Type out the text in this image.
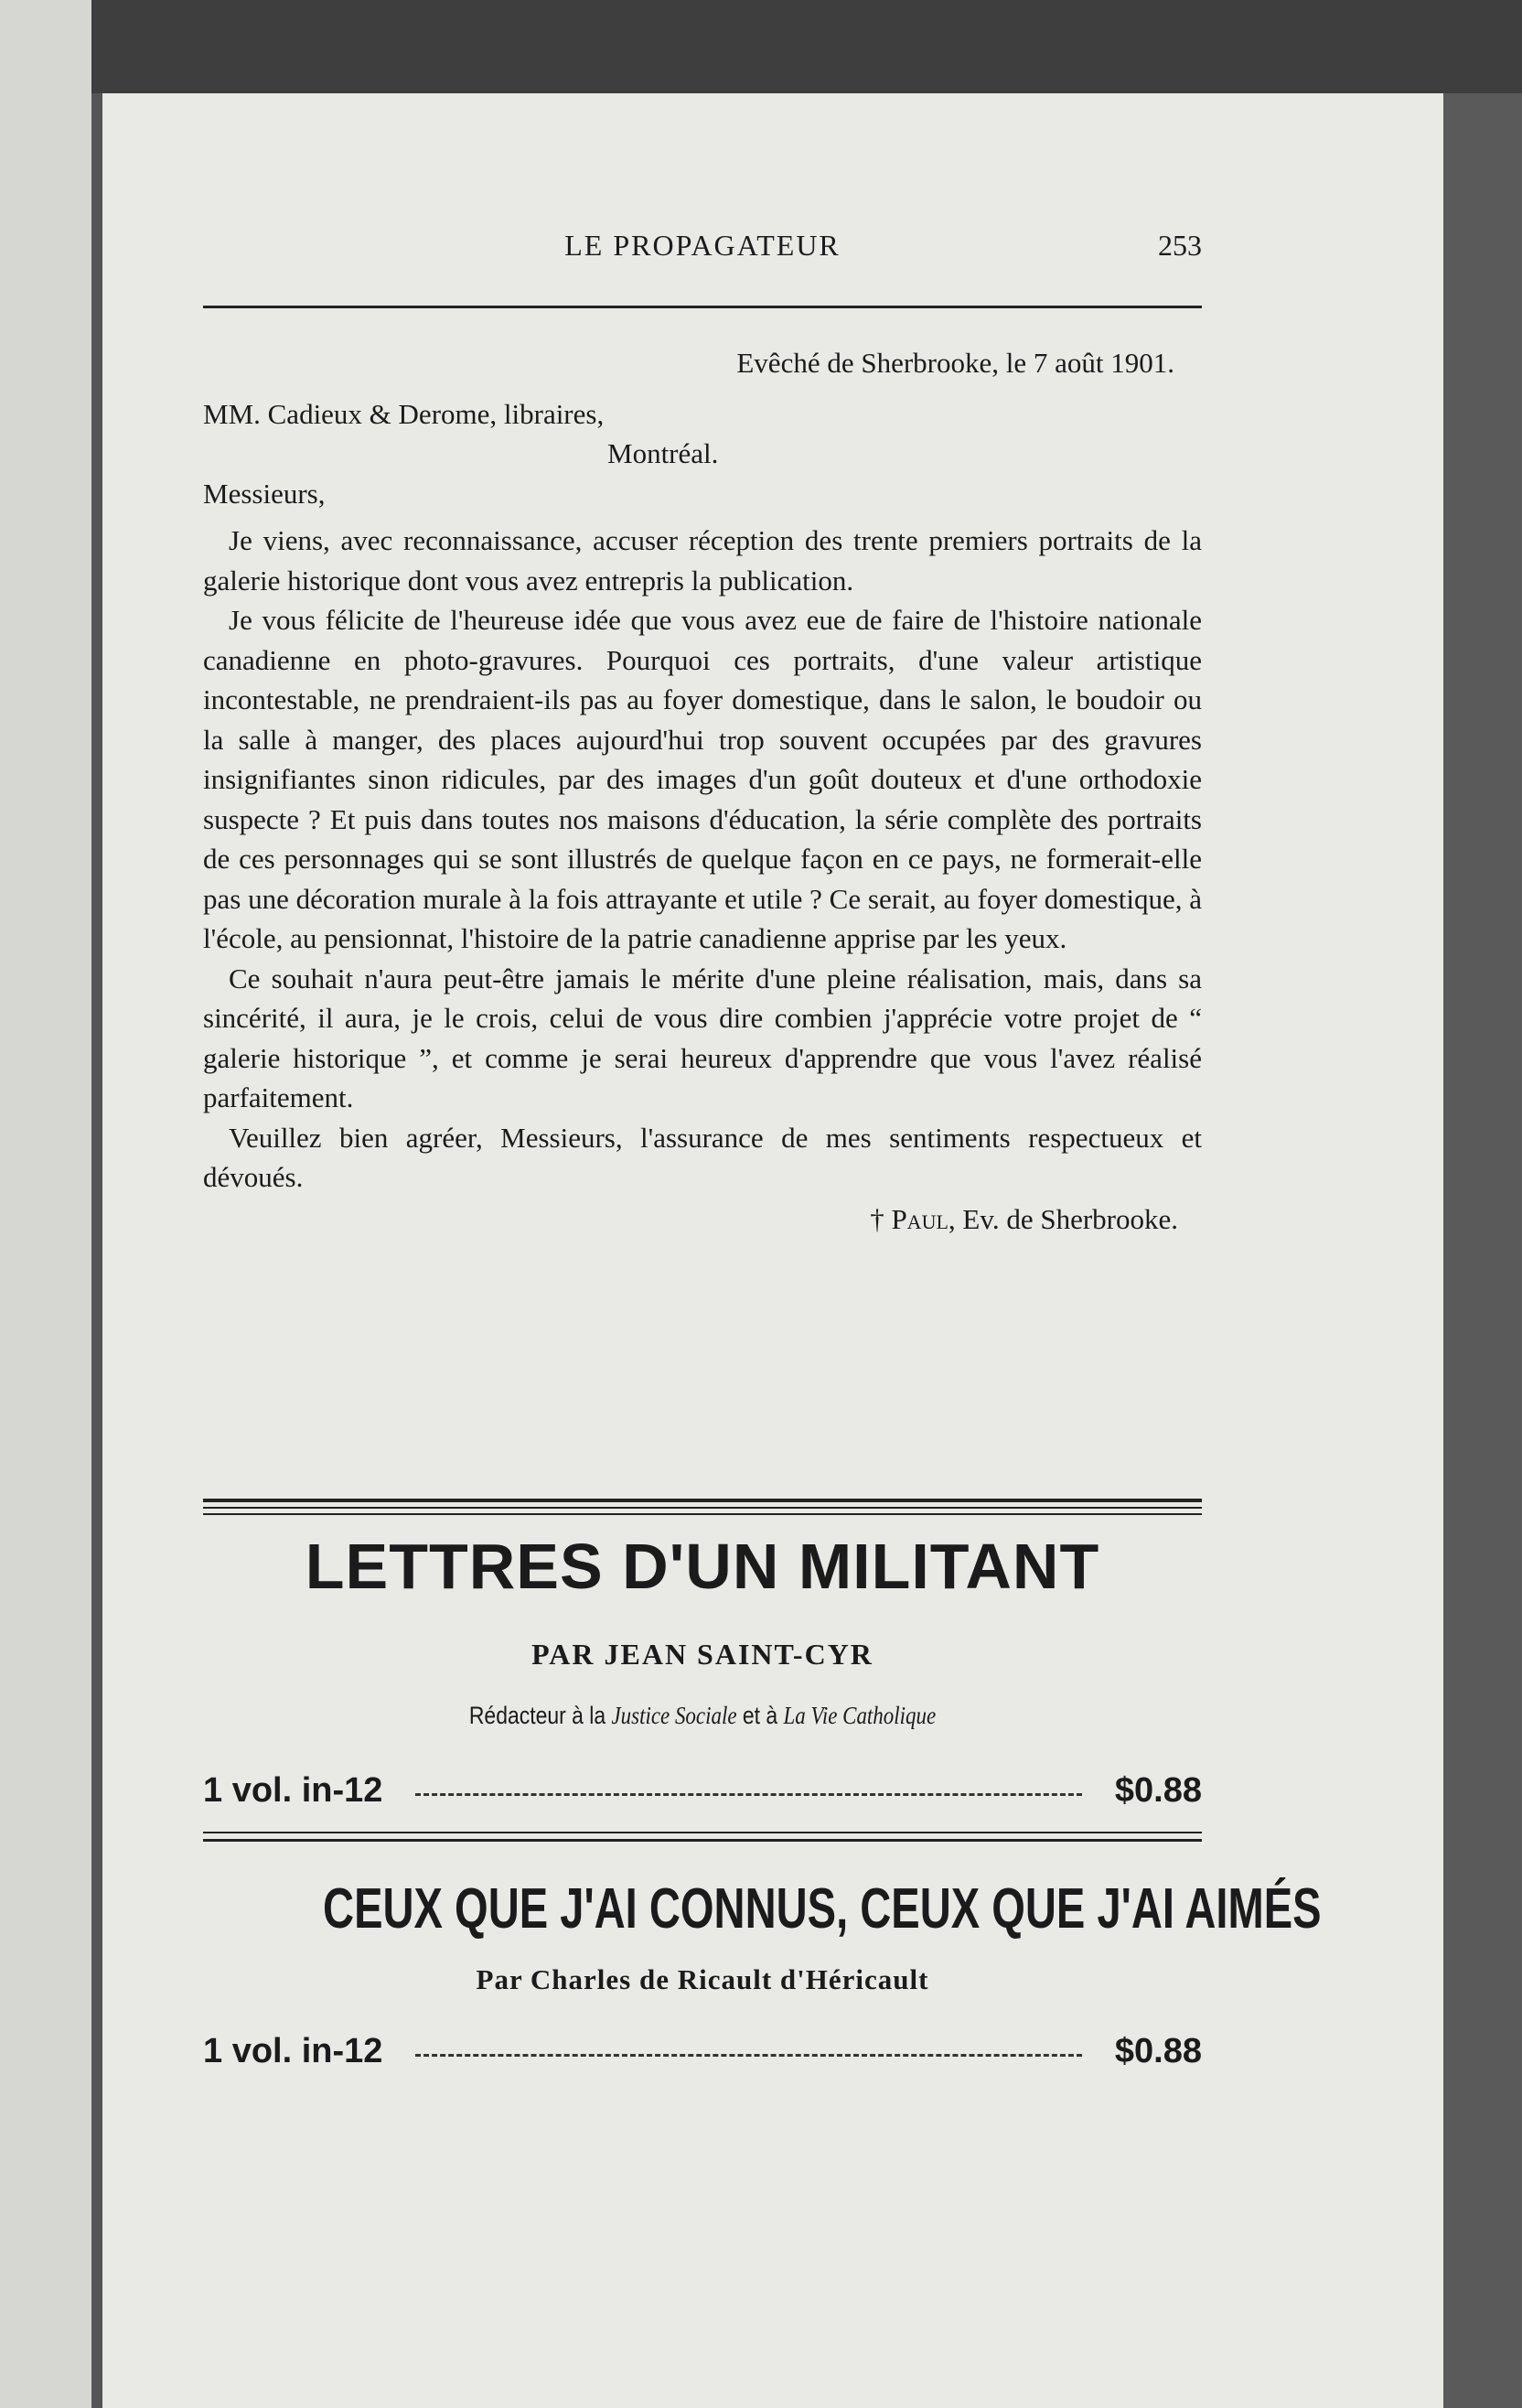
LE PROPAGATEUR	253

Evêché de Sherbrooke, le 7 août 1901.

MM. Cadieux & Derome, libraires,

Montréal.

Messieurs,

Je viens, avec reconnaissance, accuser réception des trente premiers portraits de la galerie historique dont vous avez entrepris la publication.

Je vous félicite de l'heureuse idée que vous avez eue de faire de l'histoire nationale canadienne en photo-gravures. Pourquoi ces portraits, d'une valeur artistique incontestable, ne prendraient-ils pas au foyer domestique, dans le salon, le boudoir ou la salle à manger, des places aujourd'hui trop souvent occupées par des gravures insignifiantes sinon ridicules, par des images d'un goût douteux et d'une orthodoxie suspecte ? Et puis dans toutes nos maisons d'éducation, la série complète des portraits de ces personnages qui se sont illustrés de quelque façon en ce pays, ne formerait-elle pas une décoration murale à la fois attrayante et utile ? Ce serait, au foyer domestique, à l'école, au pensionnat, l'histoire de la patrie canadienne apprise par les yeux.

Ce souhait n'aura peut-être jamais le mérite d'une pleine réalisation, mais, dans sa sincérité, il aura, je le crois, celui de vous dire combien j'apprécie votre projet de “ galerie historique ”, et comme je serai heureux d'apprendre que vous l'avez réalisé parfaitement.

Veuillez bien agréer, Messieurs, l'assurance de mes sentiments respectueux et dévoués.

† Paul, Ev. de Sherbrooke.

LETTRES D'UN MILITANT
PAR JEAN SAINT-CYR
Rédacteur à la Justice Sociale et à La Vie Catholique
1 vol. in-12	$0.88
CEUX QUE J'AI CONNUS, CEUX QUE J'AI AIMÉS
Par Charles de Ricault d'Héricault
1 vol. in-12	$0.88
